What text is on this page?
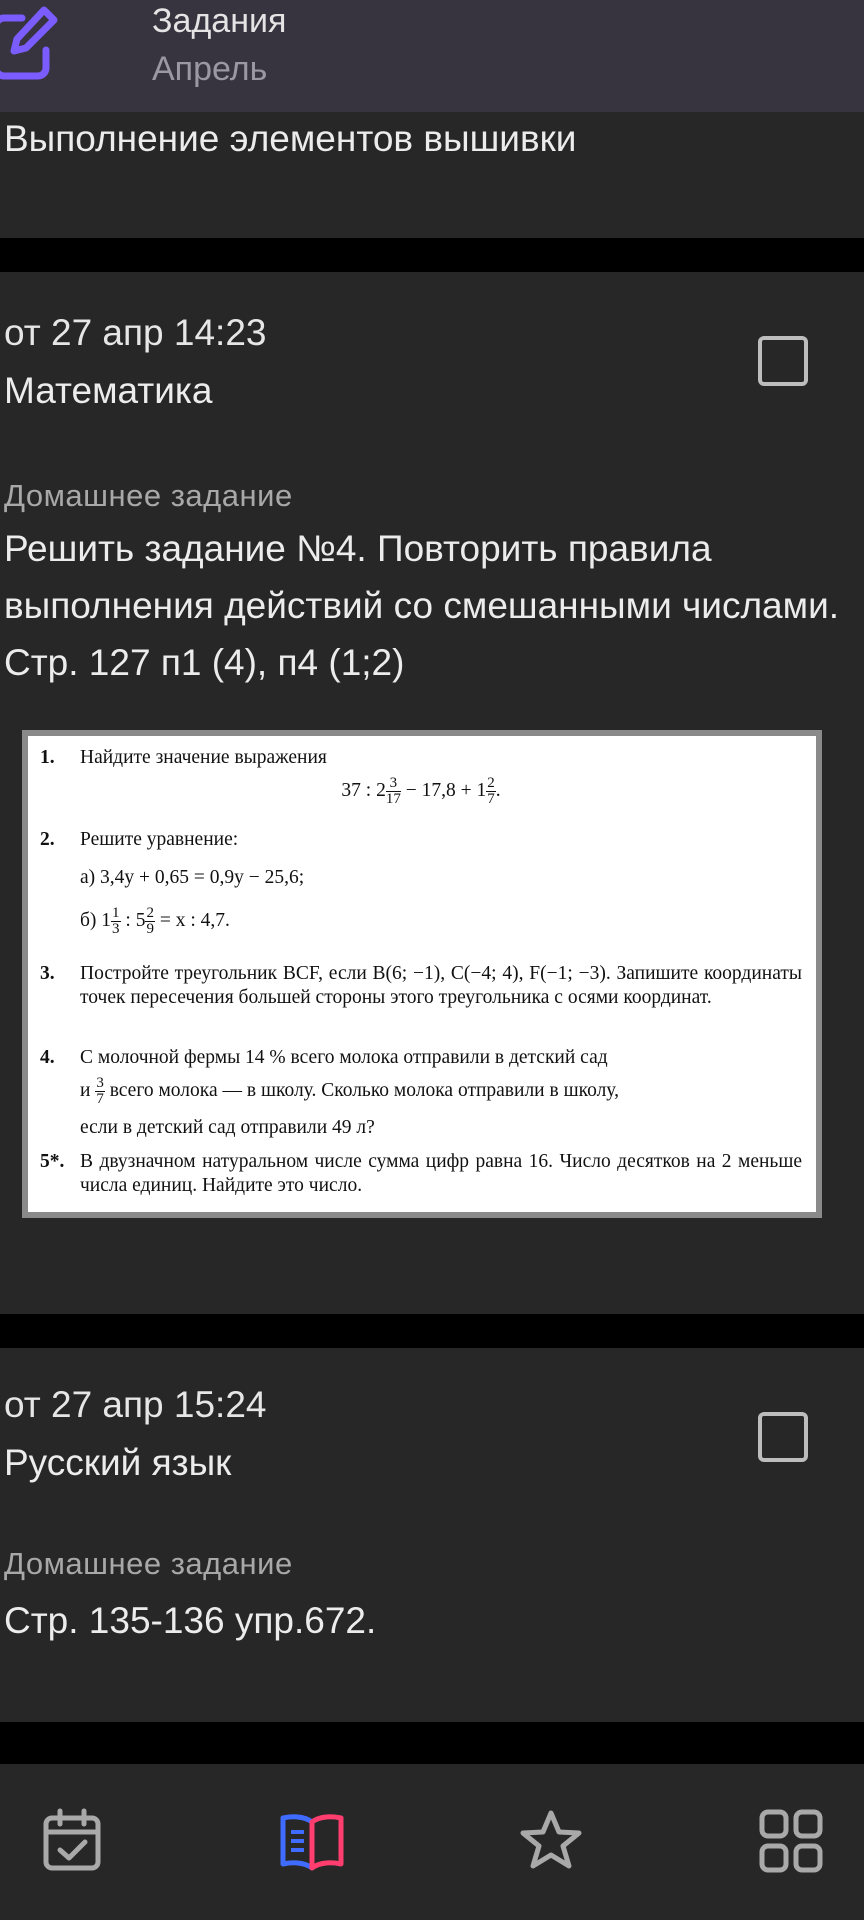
Задания
Апрель
Выполнение элементов вышивки
от 27 апр 14:23
Математика
Домашнее задание
Решить задание №4. Повторить правила выполнения действий со смешанными числами. Стр. 127 п1 (4), п4 (1;2)
1. Найдите значение выражения
37 : $2 \frac{3}{17} - 17,8 + 1 \frac{2}{7}$ .
2. Решите уравнение:
а) 3,4y + 0,65 = 0,9y − 25,6;
б) $1 \frac{1}{3}$ : $5 \frac{2}{9} = x$ : 4,7.
3. Постройте треугольник BCF, если B(6; −1), C(−4; 4), F(−1; −3). Запишите координаты точек пересечения большей стороны этого треугольника с осями координат.
4. С молочной фермы 14 % всего молока отправили в детский сад
и $\frac{3}{7}$ всего молока — в школу. Сколько молока отправили в школу,
если в детский сад отправили 49 л?
5*. В двузначном натуральном числе сумма цифр равна 16. Число десятков на 2 меньше числа единиц. Найдите это число.
от 27 апр 15:24
Русский язык
Домашнее задание
Стр. 135-136 упр.672.
